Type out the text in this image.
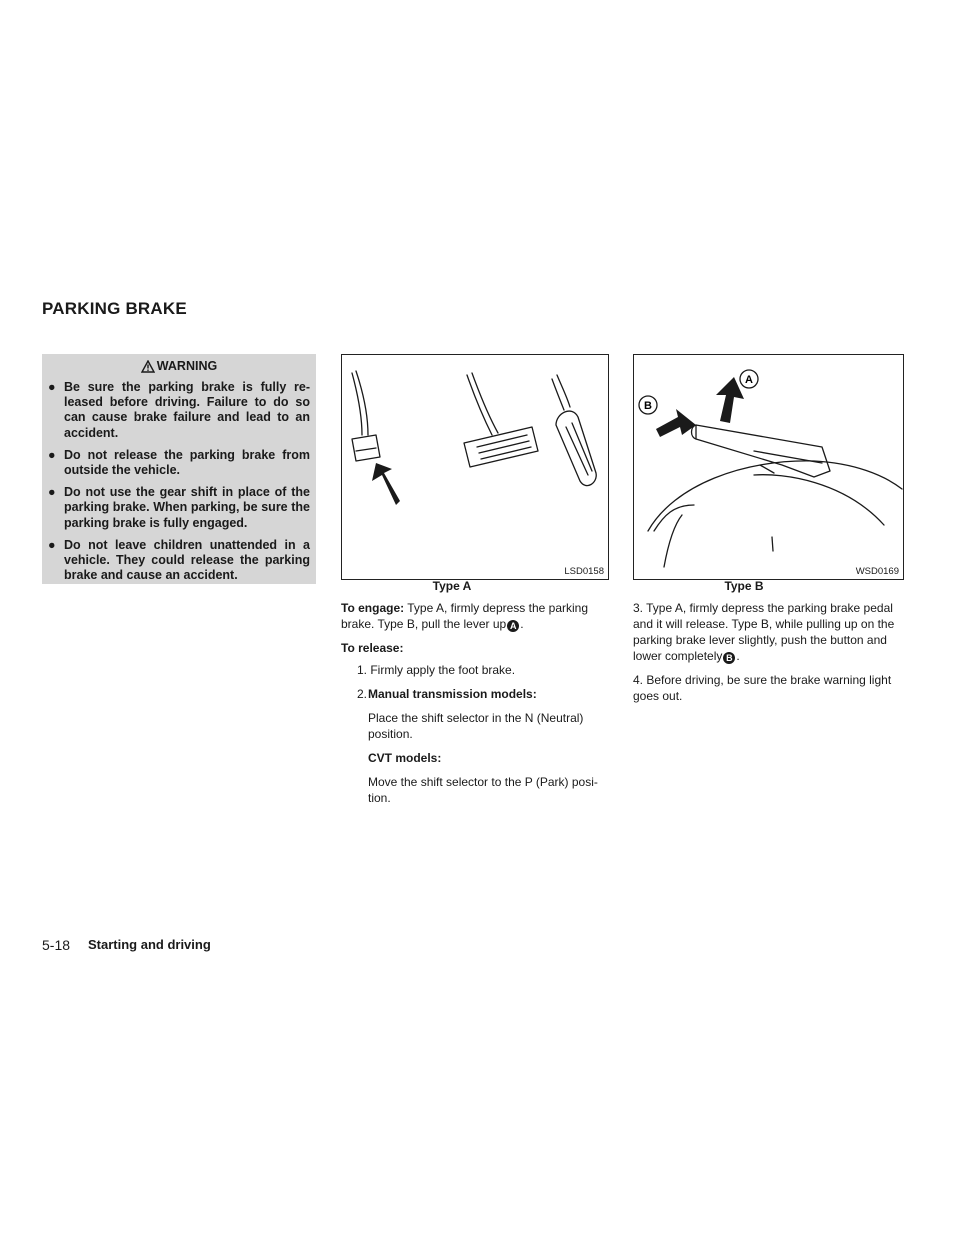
PARKING BRAKE
WARNING
● Be sure the parking brake is fully re-leased before driving. Failure to do so can cause brake failure and lead to an accident.
● Do not release the parking brake from outside the vehicle.
● Do not use the gear shift in place of the parking brake. When parking, be sure the parking brake is fully engaged.
● Do not leave children unattended in a vehicle. They could release the parking brake and cause an accident.	LSD0158
Type A
A
B
WSD0169
Type B
To engage: Type A, firmly depress the parking brake. Type B, pull the lever up A .
To release:
1. Firmly apply the foot brake.
2. Manual transmission models:
Place the shift selector in the N (Neutral) position.
CVT models:
Move the shift selector to the P (Park) posi-tion.
3. Type A, firmly depress the parking brake pedal and it will release. Type B, while pulling up on the parking brake lever slightly, push the button and lower completely B .
4. Before driving, be sure the brake warning light goes out.
5-18 Starting and driving
